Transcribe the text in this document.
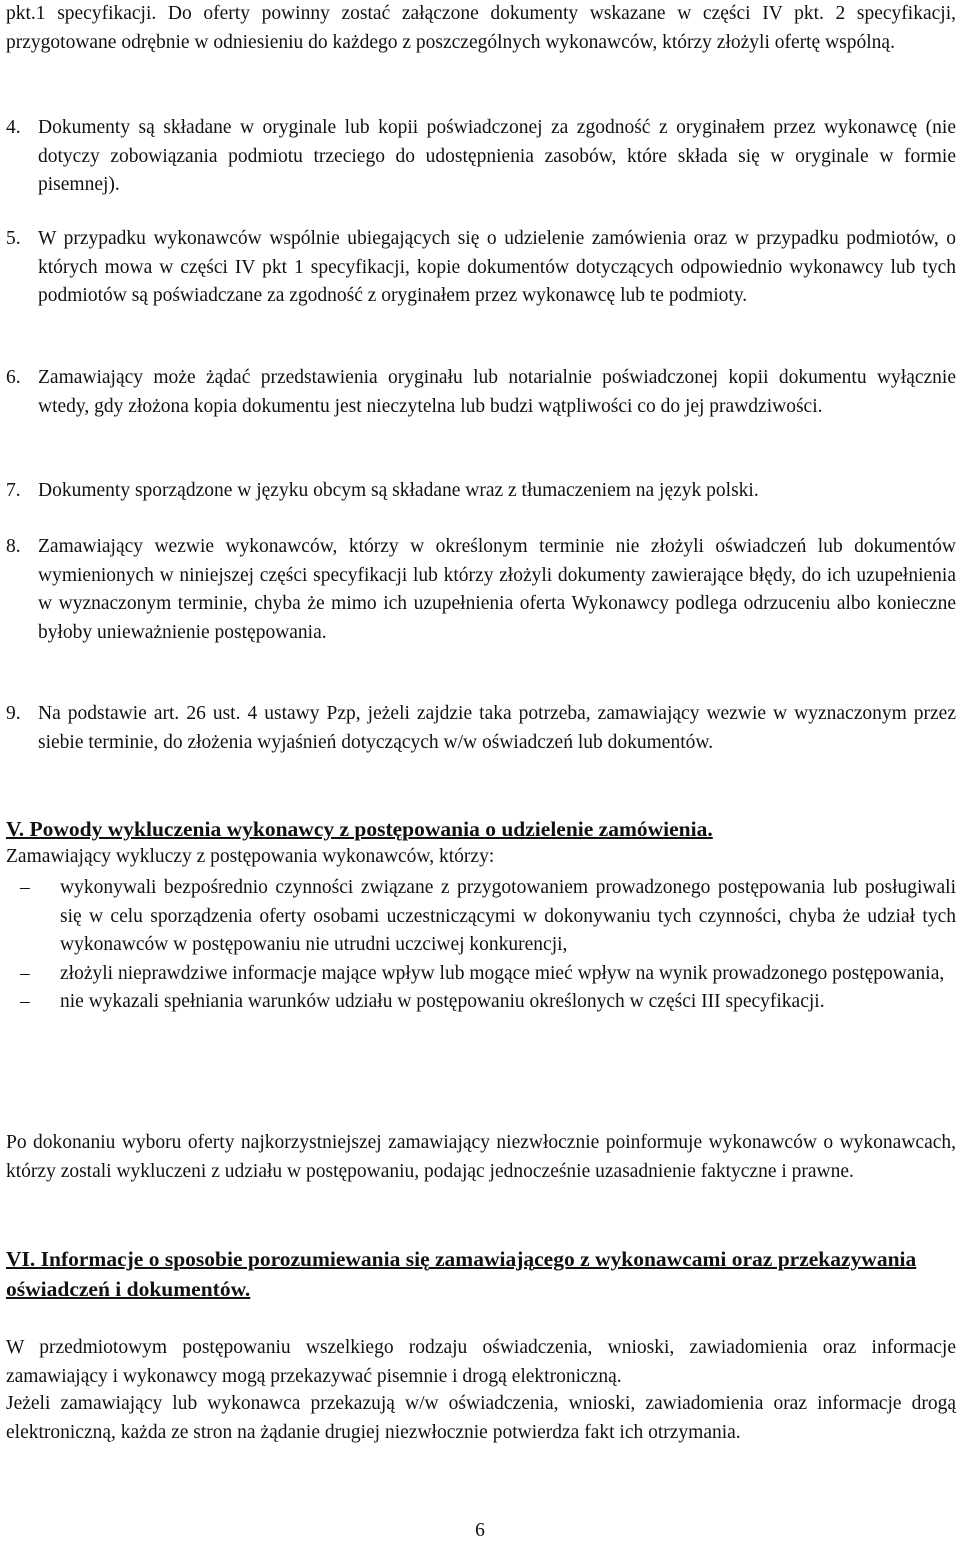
pkt.1 specyfikacji. Do oferty powinny zostać załączone dokumenty wskazane w części IV pkt. 2 specyfikacji, przygotowane odrębnie w odniesieniu do każdego z poszczególnych wykonawców, którzy złożyli ofertę wspólną.

4. Dokumenty są składane w oryginale lub kopii poświadczonej za zgodność z oryginałem przez wykonawcę (nie dotyczy zobowiązania podmiotu trzeciego do udostępnienia zasobów, które składa się w oryginale w formie pisemnej).
5. W przypadku wykonawców wspólnie ubiegających się o udzielenie zamówienia oraz w przypadku podmiotów, o których mowa w części IV pkt 1 specyfikacji, kopie dokumentów dotyczących odpowiednio wykonawcy lub tych podmiotów są poświadczane za zgodność z oryginałem przez wykonawcę lub te podmioty.
6. Zamawiający może żądać przedstawienia oryginału lub notarialnie poświadczonej kopii dokumentu wyłącznie wtedy, gdy złożona kopia dokumentu jest nieczytelna lub budzi wątpliwości co do jej prawdziwości.
7. Dokumenty sporządzone w języku obcym są składane wraz z tłumaczeniem na język polski.
8. Zamawiający wezwie wykonawców, którzy w określonym terminie nie złożyli oświadczeń lub dokumentów wymienionych w niniejszej części specyfikacji lub którzy złożyli dokumenty zawierające błędy, do ich uzupełnienia w wyznaczonym terminie, chyba że mimo ich uzupełnienia oferta Wykonawcy podlega odrzuceniu albo konieczne byłoby unieważnienie postępowania.
9. Na podstawie art. 26 ust. 4 ustawy Pzp, jeżeli zajdzie taka potrzeba, zamawiający wezwie w wyznaczonym przez siebie terminie, do złożenia wyjaśnień dotyczących w/w oświadczeń lub dokumentów.
V. Powody wykluczenia wykonawcy z postępowania o udzielenie zamówienia.

Zamawiający wykluczy z postępowania wykonawców, którzy:

–	wykonywali bezpośrednio czynności związane z przygotowaniem prowadzonego postępowania lub posługiwali się w celu sporządzenia oferty osobami uczestniczącymi w dokonywaniu tych czynności, chyba że udział tych wykonawców w postępowaniu nie utrudni uczciwej konkurencji,
–	złożyli nieprawdziwe informacje mające wpływ lub mogące mieć wpływ na wynik prowadzonego postępowania,
–	nie wykazali spełniania warunków udziału w postępowaniu określonych w części III specyfikacji.

Po dokonaniu wyboru oferty najkorzystniejszej zamawiający niezwłocznie poinformuje wykonawców o wykonawcach, którzy zostali wykluczeni z udziału w postępowaniu, podając jednocześnie uzasadnienie faktyczne i prawne.

VI. Informacje o sposobie porozumiewania się zamawiającego z wykonawcami oraz przekazywania oświadczeń i dokumentów.

W przedmiotowym postępowaniu wszelkiego rodzaju oświadczenia, wnioski, zawiadomienia oraz informacje zamawiający i wykonawcy mogą przekazywać pisemnie i drogą elektroniczną.

Jeżeli zamawiający lub wykonawca przekazują w/w oświadczenia, wnioski, zawiadomienia oraz informacje drogą elektroniczną, każda ze stron na żądanie drugiej niezwłocznie potwierdza fakt ich otrzymania.

6
